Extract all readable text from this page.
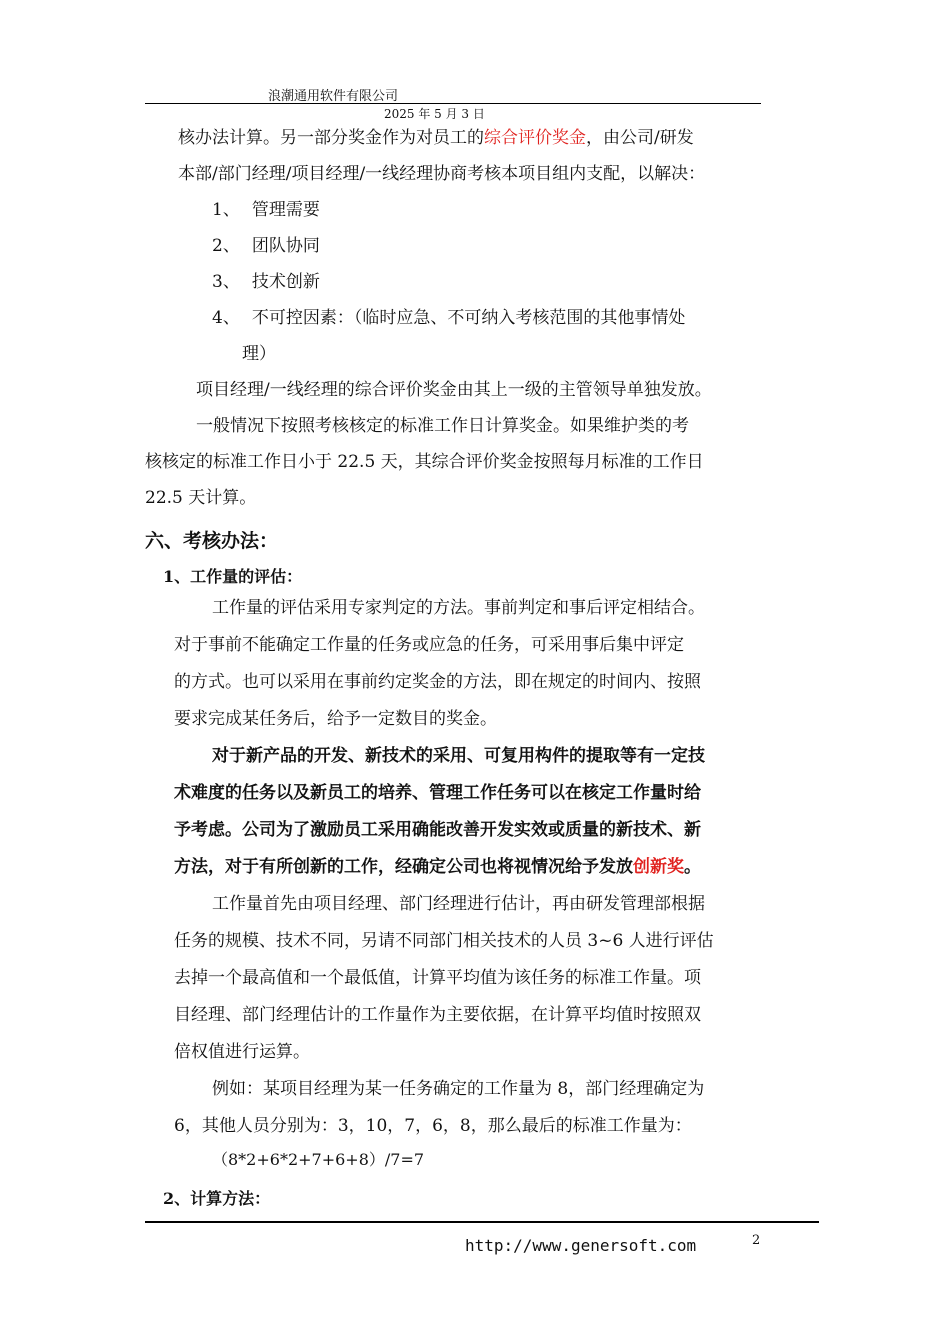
浪潮通用软件有限公司
2025 年 5 月 3 日
核办法计算。另一部分奖金作为对员工的综合评价奖金，由公司/研发
本部/部门经理/项目经理/一线经理协商考核本项目组内支配，以解决：
1、 管理需要
2、 团队协同
3、 技术创新
4、 不可控因素：（临时应急、不可纳入考核范围的其他事情处
理）
项目经理/一线经理的综合评价奖金由其上一级的主管领导单独发放。
一般情况下按照考核核定的标准工作日计算奖金。如果维护类的考
核核定的标准工作日小于 22.5 天，其综合评价奖金按照每月标准的工作日
22.5 天计算。
六、考核办法：
1、工作量的评估：
工作量的评估采用专家判定的方法。事前判定和事后评定相结合。
对于事前不能确定工作量的任务或应急的任务，可采用事后集中评定
的方式。也可以采用在事前约定奖金的方法，即在规定的时间内、按照
要求完成某任务后，给予一定数目的奖金。
对于新产品的开发、新技术的采用、可复用构件的提取等有一定技
术难度的任务以及新员工的培养、管理工作任务可以在核定工作量时给
予考虑。公司为了激励员工采用确能改善开发实效或质量的新技术、新
方法，对于有所创新的工作，经确定公司也将视情况给予发放创新奖。
工作量首先由项目经理、部门经理进行估计，再由研发管理部根据
任务的规模、技术不同，另请不同部门相关技术的人员 3~6 人进行评估
去掉一个最高值和一个最低值，计算平均值为该任务的标准工作量。项
目经理、部门经理估计的工作量作为主要依据，在计算平均值时按照双
倍权值进行运算。
例如：某项目经理为某一任务确定的工作量为 8，部门经理确定为
6，其他人员分别为：3，10，7，6，8，那么最后的标准工作量为：
（8*2+6*2+7+6+8）/7=7
2、计算方法：
http://www.genersoft.com	2
